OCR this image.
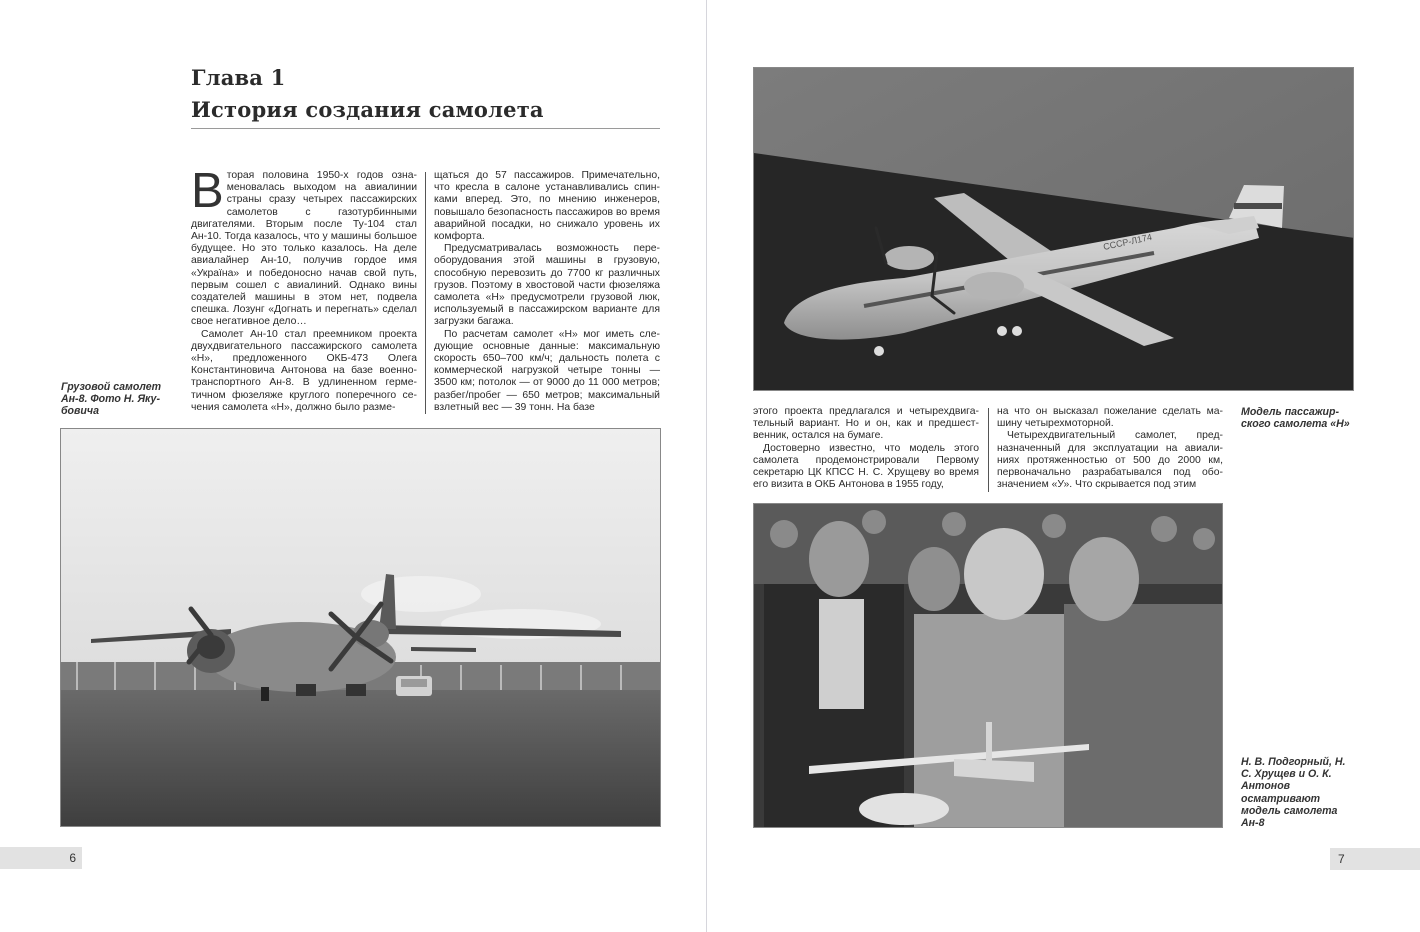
Глава 1
История создания самолета

Вторая половина 1950-х годов ознаменовалась выходом на авиалинии страны сразу четырех пассажирских самолетов с газотурбинными двигателями. Вторым после Ту-104 стал Ан-10. Тогда казалось, что у машины большое будущее. Но это только казалось. На деле авиалайнер Ан-10, получив гордое имя «Україна» и победоносно начав свой путь, первым сошел с авиалиний. Однако вины создателей машины в этом нет, подвела спешка. Лозунг «Догнать и перегнать» сделал свое негативное дело…

Самолет Ан-10 стал преемником проекта двухдвигательного пассажирского самолета «Н», предложенного ОКБ-473 Олега Константиновича Антонова на базе военно-транспортного Ан-8. В удлиненном герметичном фюзеляже круглого поперечного сечения самолета «Н», должно было разме-

щаться до 57 пассажиров. Примечательно, что кресла в салоне устанавливались спинками вперед. Это, по мнению инженеров, повышало безопасность пассажиров во время аварийной посадки, но снижало уровень их комфорта.

Предусматривалась возможность переоборудования этой машины в грузовую, способную перевозить до 7700 кг различных грузов. Поэтому в хвостовой части фюзеляжа самолета «Н» предусмотрели грузовой люк, используемый в пассажирском варианте для загрузки багажа.

По расчетам самолет «Н» мог иметь следующие основные данные: максимальную скорость 650–700 км/ч; дальность полета с коммерческой нагрузкой четыре тонны — 3500 км; потолок — от 9000 до 11 000 метров; разбег/пробег — 650 метров; максимальный взлетный вес — 39 тонн. На базе

Грузовой самолет Ан-8. Фото Н. Якубовича
6
СССР-Л174

этого проекта предлагался и четырехдвигательный вариант. Но и он, как и предшественник, остался на бумаге.

Достоверно известно, что модель этого самолета продемонстрировали Первому секретарю ЦК КПСС Н. С. Хрущеву во время его визита в ОКБ Антонова в 1955 году,

на что он высказал пожелание сделать машину четырехмоторной.

Четырехдвигательный самолет, предназначенный для эксплуатации на авиалиниях протяженностью от 500 до 2000 км, первоначально разрабатывался под обозначением «У». Что скрывается под этим

Модель пассажирского самолета «Н»
Н. В. Подгорный, Н. С. Хрущев и О. К. Антонов осматривают модель самолета Ан-8
7
